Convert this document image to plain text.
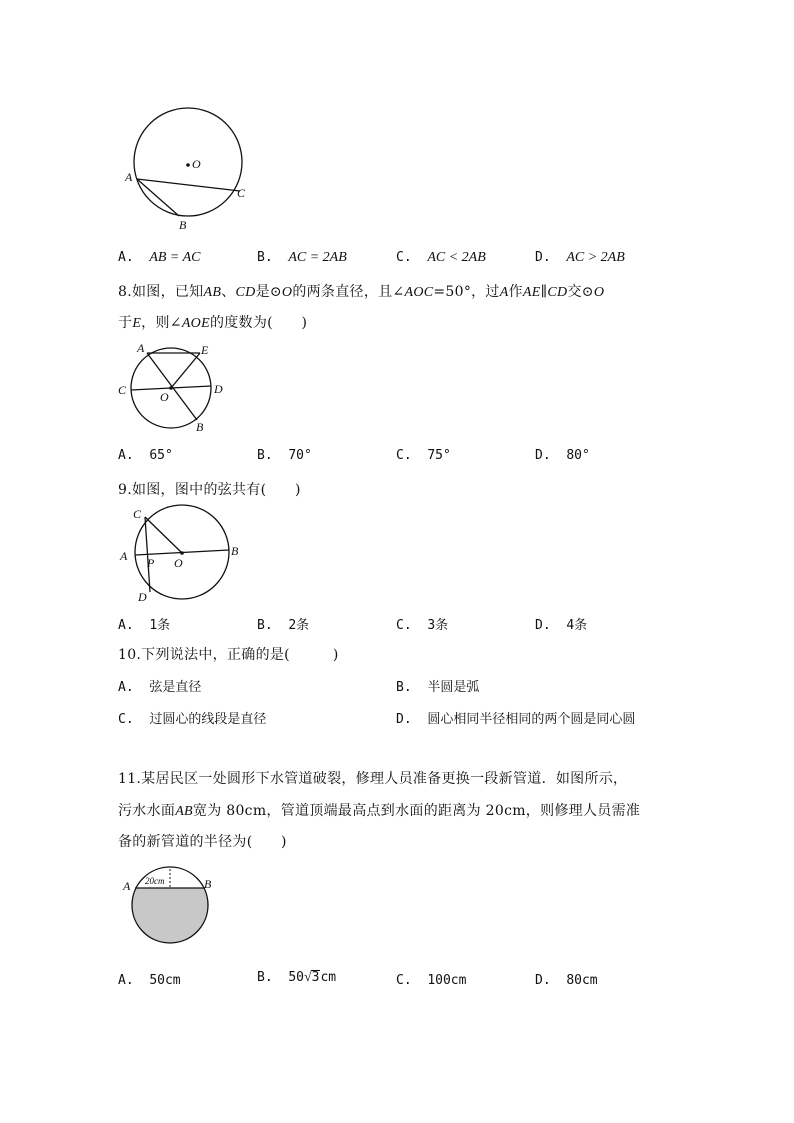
O
A
C
B
A. AB = AC	B. AC = 2AB	C. AC < 2AB	D. AC > 2AB
8.如图，已知AB、CD是⊙O的两条直径，且∠AOC=50°，过A作AE∥CD交⊙O
于E，则∠AOE的度数为(　　)
A	E
C	D
O
B
A. 65°	B. 70°	C. 75°	D. 80°
9.如图，图中的弦共有(　　)
C
A P O
B
D
A. 1条	B. 2条	C. 3条	D. 4条
10.下列说法中，正确的是(　　　)
A. 弦是直径	B. 半圆是弧
C. 过圆心的线段是直径	D. 圆心相同半径相同的两个圆是同心圆
11.某居民区一处圆形下水管道破裂，修理人员准备更换一段新管道．如图所示，
污水水面AB宽为 80cm，管道顶端最高点到水面的距离为 20cm，则修理人员需准
备的新管道的半径为(　　)
A	B
20cm
A. 50cm	B. 50√3cm	C. 100cm	D. 80cm
